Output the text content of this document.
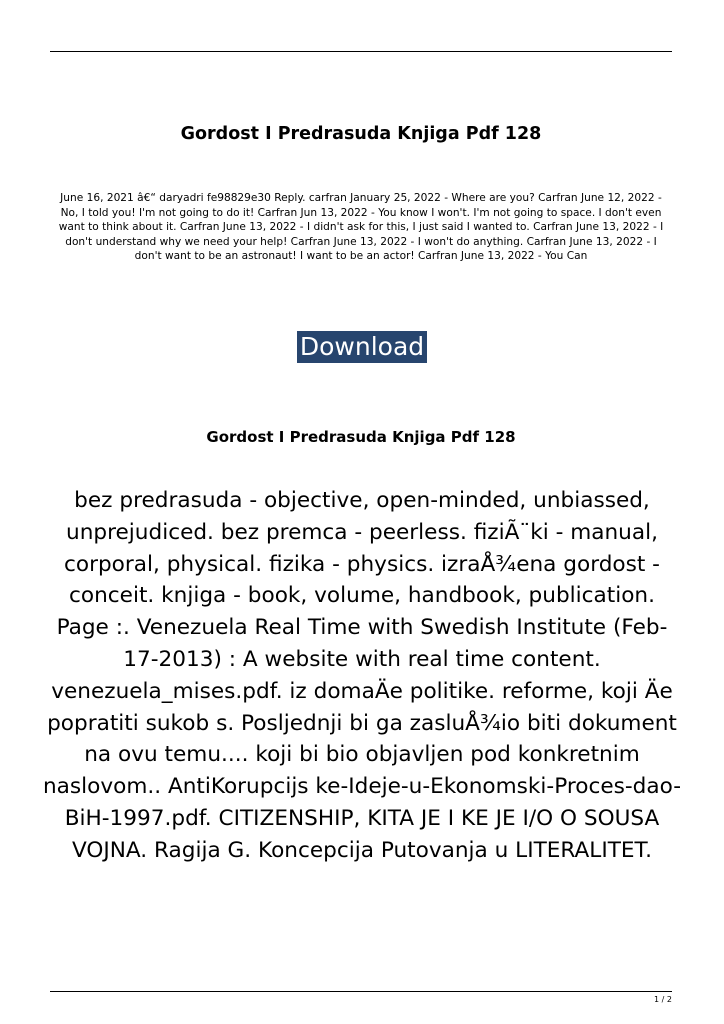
Gordost I Predrasuda Knjiga Pdf 128

June 16, 2021 â€“ daryadri fe98829e30 Reply. carfran January 25, 2022 - Where are you? Carfran June 12, 2022 - No, I told you! I'm not going to do it! Carfran Jun 13, 2022 - You know I won't. I'm not going to space. I don't even want to think about it. Carfran June 13, 2022 - I didn't ask for this, I just said I wanted to. Carfran June 13, 2022 - I don't understand why we need your help! Carfran June 13, 2022 - I won't do anything. Carfran June 13, 2022 - I don't want to be an astronaut! I want to be an actor! Carfran June 13, 2022 - You Can

Download
Gordost I Predrasuda Knjiga Pdf 128

bez predrasuda - objective, open-minded, unbiassed, unprejudiced. bez premca - peerless. fiziÃ¨ki - manual, corporal, physical. fizika - physics. izraÅ¾ena gordost - conceit. knjiga - book, volume, handbook, publication. Page :. Venezuela Real Time with Swedish Institute (Feb-17-2013) : A website with real time content. venezuela_mises.pdf. iz domaÄe politike. reforme, koji Äe popratiti sukob s. Posljednji bi ga zasluÅ¾io biti dokument na ovu temu.... koji bi bio objavljen pod konkretnim naslovom.. AntiKorupcijs ke-Ideje-u-Ekonomski-Proces-dao-BiH-1997.pdf. CITIZENSHIP, KITA JE I KE JE I/O O SOUSA VOJNA. Ragija G. Koncepcija Putovanja u LITERALITET.

1 / 2
